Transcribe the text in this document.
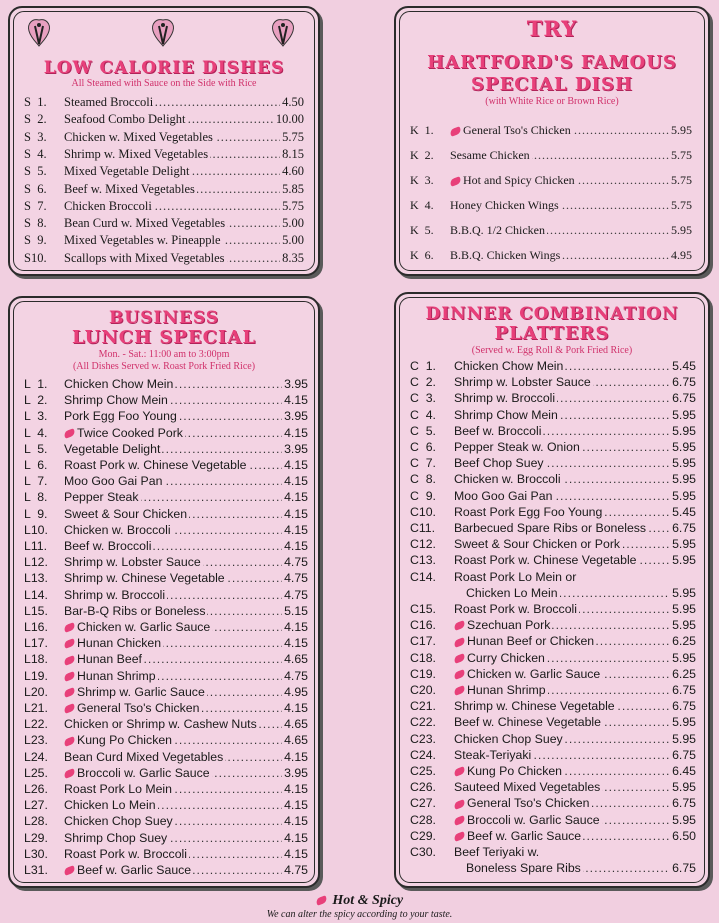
LOW CALORIE DISHES
All Steamed with Sauce on the Side with Rice
S  1.	Steamed Broccoli .....	4.50
S  2.	Seafood Combo Delight .....	10.00
S  3.	Chicken w. Mixed Vegetables .....	5.75
S  4.	Shrimp w. Mixed Vegetables .....	8.15
S  5.	Mixed Vegetable Delight .....	4.60
S  6.	Beef w. Mixed Vegetables .....	5.85
S  7.	Chicken Broccoli .....	5.75
S  8.	Bean Curd w. Mixed Vegetables .....	5.00
S  9.	Mixed Vegetables w. Pineapple .....	5.00
S10.	Scallops with Mixed Vegetables .....	8.35
TRY
HARTFORD'S FAMOUS
SPECIAL DISH
(with White Rice or Brown Rice)
K  1.	General Tso's Chicken .....	5.95
K  2.	Sesame Chicken .....	5.75
K  3.	Hot and Spicy Chicken .....	5.75
K  4.	Honey Chicken Wings .....	5.75
K  5.	B.B.Q. 1/2 Chicken .....	5.95
K  6.	B.B.Q. Chicken Wings .....	4.95
BUSINESS
LUNCH SPECIAL
Mon. - Sat.: 11:00 am to 3:00pm
(All Dishes Served w. Roast Pork Fried Rice)
L  1.	Chicken Chow Mein .....	3.95
L  2.	Shrimp Chow Mein .....	4.15
L  3.	Pork Egg Foo Young .....	3.95
L  4.	Twice Cooked Pork .....	4.15
L  5.	Vegetable Delight .....	3.95
L  6.	Roast Pork w. Chinese Vegetable .....	4.15
L  7.	Moo Goo Gai Pan .....	4.15
L  8.	Pepper Steak .....	4.15
L  9.	Sweet & Sour Chicken .....	4.15
L10.	Chicken w. Broccoli .....	4.15
L11.	Beef w. Broccoli .....	4.15
L12.	Shrimp w. Lobster Sauce .....	4.75
L13.	Shrimp w. Chinese Vegetable .....	4.75
L14.	Shrimp w. Broccoli .....	4.75
L15.	Bar-B-Q Ribs or Boneless .....	5.15
L16.	Chicken w. Garlic Sauce .....	4.15
L17.	Hunan Chicken .....	4.15
L18.	Hunan Beef .....	4.65
L19.	Hunan Shrimp .....	4.75
L20.	Shrimp w. Garlic Sauce .....	4.95
L21.	General Tso's Chicken .....	4.15
L22.	Chicken or Shrimp w. Cashew Nuts .....	4.65
L23.	Kung Po Chicken .....	4.65
L24.	Bean Curd Mixed Vegetables .....	4.15
L25.	Broccoli w. Garlic Sauce .....	3.95
L26.	Roast Pork Lo Mein .....	4.15
L27.	Chicken Lo Mein .....	4.15
L28.	Chicken Chop Suey .....	4.15
L29.	Shrimp Chop Suey .....	4.15
L30.	Roast Pork w. Broccoli .....	4.15
L31.	Beef w. Garlic Sauce .....	4.75
DINNER COMBINATION
PLATTERS
(Served w. Egg Roll & Pork Fried Rice)
C  1.	Chicken Chow Mein .....	5.45
C  2.	Shrimp w. Lobster Sauce .....	6.75
C  3.	Shrimp w. Broccoli .....	6.75
C  4.	Shrimp Chow Mein .....	5.95
C  5.	Beef w. Broccoli .....	5.95
C  6.	Pepper Steak w. Onion .....	5.95
C  7.	Beef Chop Suey .....	5.95
C  8.	Chicken w. Broccoli .....	5.95
C  9.	Moo Goo Gai Pan .....	5.95
C10.	Roast Pork Egg Foo Young .....	5.45
C11.	Barbecued Spare Ribs or Boneless .....	6.75
C12.	Sweet & Sour Chicken or Pork .....	5.95
C13.	Roast Pork w. Chinese Vegetable .....	5.95
C14.	Roast Pork Lo Mein or
Chicken Lo Mein .....	5.95
C15.	Roast Pork w. Broccoli .....	5.95
C16.	Szechuan Pork .....	5.95
C17.	Hunan Beef or Chicken .....	6.25
C18.	Curry Chicken .....	5.95
C19.	Chicken w. Garlic Sauce .....	6.25
C20.	Hunan Shrimp .....	6.75
C21.	Shrimp w. Chinese Vegetable .....	6.75
C22.	Beef w. Chinese Vegetable .....	5.95
C23.	Chicken Chop Suey .....	5.95
C24.	Steak-Teriyaki .....	6.75
C25.	Kung Po Chicken .....	6.45
C26.	Sauteed Mixed Vegetables .....	5.95
C27.	General Tso's Chicken .....	6.75
C28.	Broccoli w. Garlic Sauce .....	5.95
C29.	Beef w. Garlic Sauce .....	6.50
C30.	Beef Teriyaki w.
Boneless Spare Ribs .....	6.75
Hot & Spicy
We can alter the spicy according to your taste.
